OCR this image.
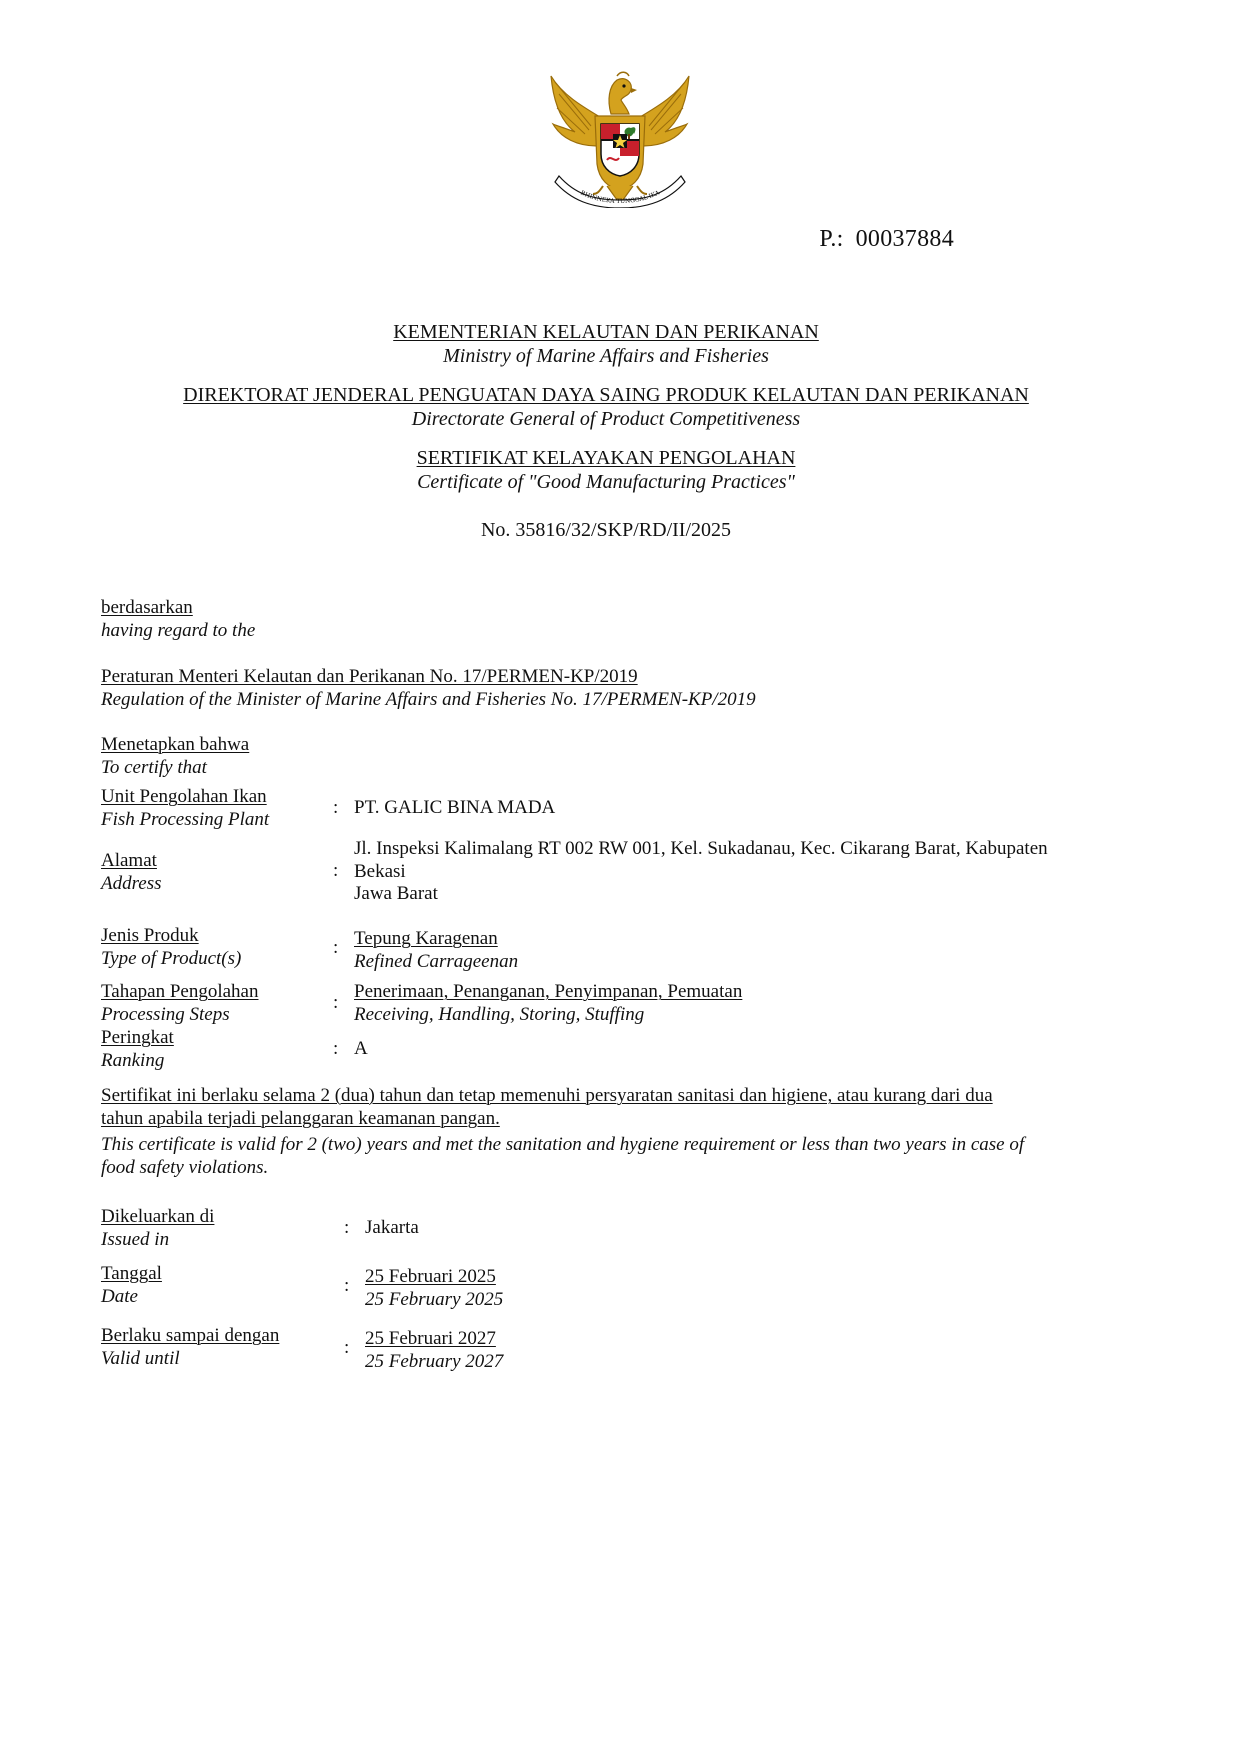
BHINNEKA TUNGGAL IKA
P.: 00037884
KEMENTERIAN KELAUTAN DAN PERIKANAN
Ministry of Marine Affairs and Fisheries
DIREKTORAT JENDERAL PENGUATAN DAYA SAING PRODUK KELAUTAN DAN PERIKANAN
Directorate General of Product Competitiveness
SERTIFIKAT KELAYAKAN PENGOLAHAN
Certificate of "Good Manufacturing Practices"
No. 35816/32/SKP/RD/II/2025
berdasarkan
having regard to the
Peraturan Menteri Kelautan dan Perikanan No. 17/PERMEN-KP/2019
Regulation of the Minister of Marine Affairs and Fisheries No. 17/PERMEN-KP/2019
Menetapkan bahwa
To certify that
Unit Pengolahan Ikan
Fish Processing Plant
: PT. GALIC BINA MADA
Alamat
Address
:
Jl. Inspeksi Kalimalang RT 002 RW 001, Kel. Sukadanau, Kec. Cikarang Barat, Kabupaten
Bekasi
Jawa Barat
Jenis Produk
Type of Product(s)	: Tepung Karagenan
Refined Carrageenan
Tahapan Pengolahan
Processing Steps
:
Penerimaan, Penanganan, Penyimpanan, Pemuatan
Receiving, Handling, Storing, Stuffing
Peringkat
Ranking
: A
Sertifikat ini berlaku selama 2 (dua) tahun dan tetap memenuhi persyaratan sanitasi dan higiene, atau kurang dari dua
tahun apabila terjadi pelanggaran keamanan pangan.
This certificate is valid for 2 (two) years and met the sanitation and hygiene requirement or less than two years in case of
food safety violations.
Dikeluarkan di
Issued in
: Jakarta
Tanggal
Date	: 25 Februari 2025
25 February 2025
Berlaku sampai dengan
Valid until	: 25 Februari 2027
25 February 2027
